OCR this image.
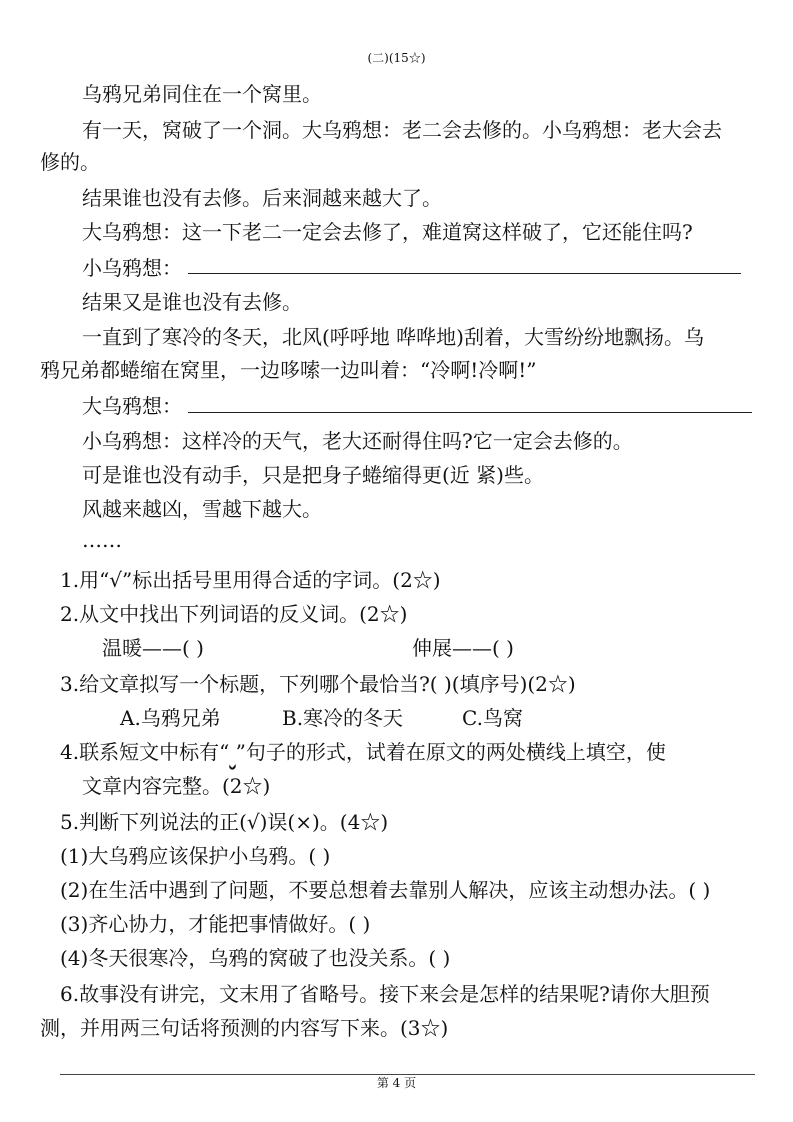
(二)(15☆)
乌鸦兄弟同住在一个窝里。
有一天，窝破了一个洞。大乌鸦想：老二会去修的。小乌鸦想：老大会去
修的。
结果谁也没有去修。后来洞越来越大了。
大乌鸦想：这一下老二一定会去修了，难道窝这样破了，它还能住吗?
小乌鸦想：
结果又是谁也没有去修。
一直到了寒冷的冬天，北风(呼呼地 哗哗地)刮着，大雪纷纷地飘扬。乌
鸦兄弟都蜷缩在窝里，一边哆嗦一边叫着：“冷啊!冷啊!”
大乌鸦想：
小乌鸦想：这样冷的天气，老大还耐得住吗?它一定会去修的。
可是谁也没有动手，只是把身子蜷缩得更(近 紧)些。
风越来越凶，雪越下越大。
……
1.用“√”标出括号里用得合适的字词。(2☆)
2.从文中找出下列词语的反义词。(2☆)
温暖——( )	伸展——( )
3.给文章拟写一个标题，下列哪个最恰当?( )(填序号)(2☆)
A.乌鸦兄弟	B.寒冷的冬天	C.鸟窝
4.联系短文中标有“ ”句子的形式，试着在原文的两处横线上填空，使
文章内容完整。(2☆)
5.判断下列说法的正(√)误(×)。(4☆)
(1)大乌鸦应该保护小乌鸦。( )
(2)在生活中遇到了问题，不要总想着去靠别人解决，应该主动想办法。( )
(3)齐心协力，才能把事情做好。( )
(4)冬天很寒冷，乌鸦的窝破了也没关系。( )
6.故事没有讲完，文末用了省略号。接下来会是怎样的结果呢?请你大胆预
测，并用两三句话将预测的内容写下来。(3☆)
第 4 页
